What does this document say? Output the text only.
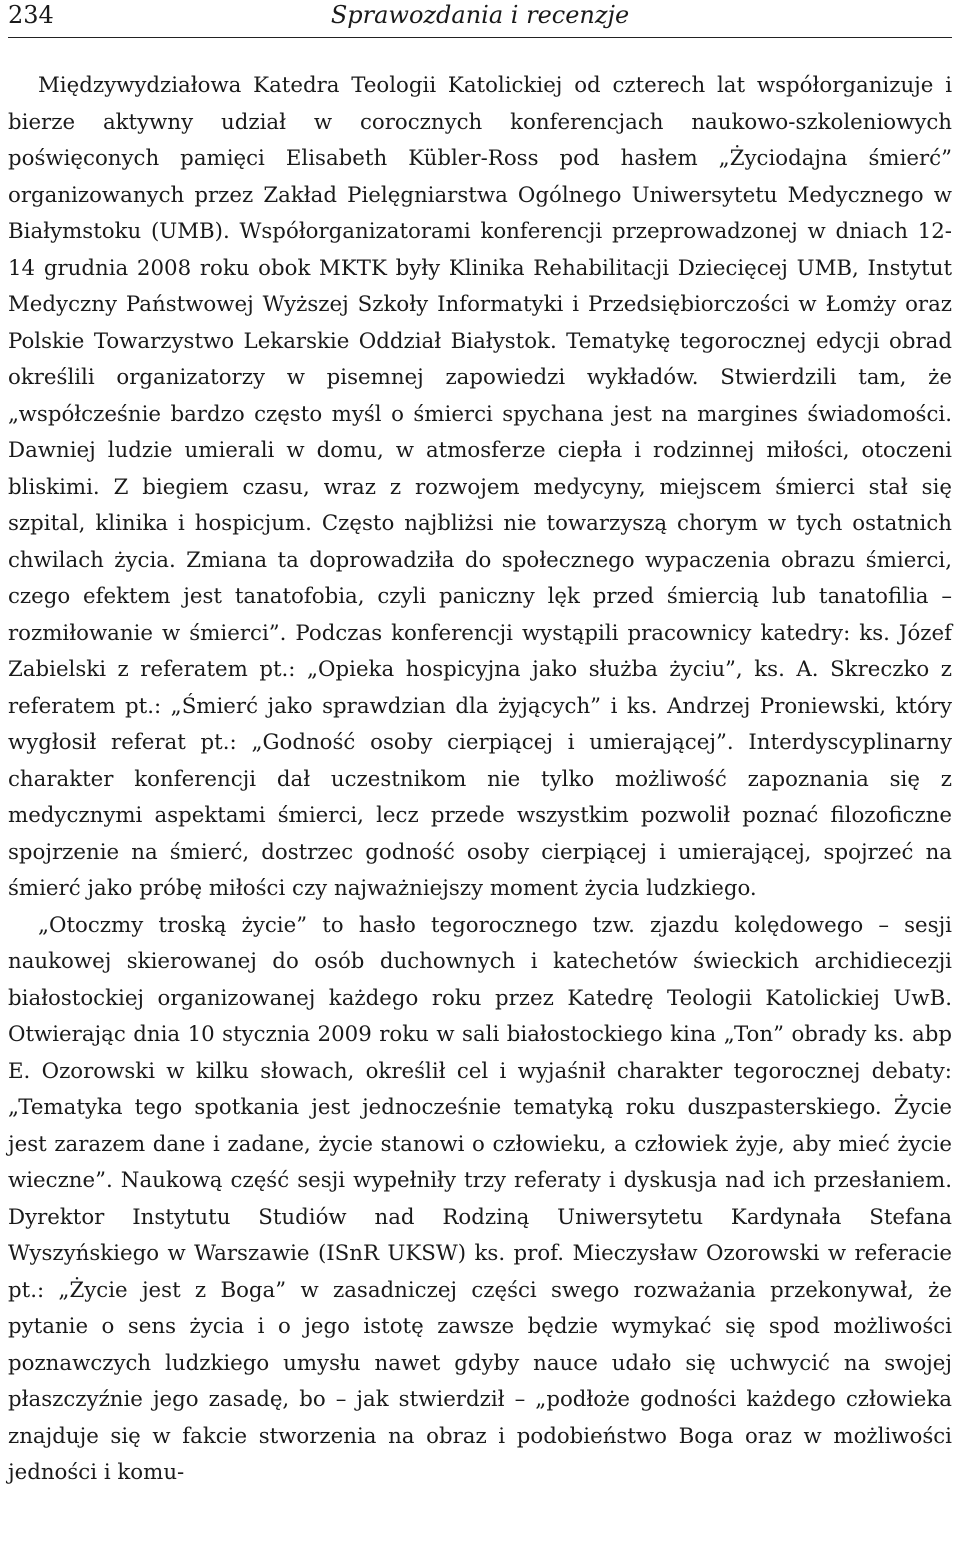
234	Sprawozdania i recenzje

Międzywydziałowa Katedra Teologii Katolickiej od czterech lat współorganizuje i bierze aktywny udział w corocznych konferencjach naukowo-szkoleniowych poświęconych pamięci Elisabeth Kübler-Ross pod hasłem „Życiodajna śmierć” organizowanych przez Zakład Pielęgniarstwa Ogólnego Uniwersytetu Medycznego w Białymstoku (UMB). Współorganizatorami konferencji przeprowadzonej w dniach 12-14 grudnia 2008 roku obok MKTK były Klinika Rehabilitacji Dziecięcej UMB, Instytut Medyczny Państwowej Wyższej Szkoły Informatyki i Przedsiębiorczości w Łomży oraz Polskie Towarzystwo Lekarskie Oddział Białystok. Tematykę tegorocznej edycji obrad określili organizatorzy w pisemnej zapowiedzi wykładów. Stwierdzili tam, że „współcześnie bardzo często myśl o śmierci spychana jest na margines świadomości. Dawniej ludzie umierali w domu, w atmosferze ciepła i rodzinnej miłości, otoczeni bliskimi. Z biegiem czasu, wraz z rozwojem medycyny, miejscem śmierci stał się szpital, klinika i hospicjum. Często najbliżsi nie towarzyszą chorym w tych ostatnich chwilach życia. Zmiana ta doprowadziła do społecznego wypaczenia obrazu śmierci, czego efektem jest tanatofobia, czyli paniczny lęk przed śmiercią lub tanatofilia – rozmiłowanie w śmierci”. Podczas konferencji wystąpili pracownicy katedry: ks. Józef Zabielski z referatem pt.: „Opieka hospicyjna jako służba życiu”, ks. A. Skreczko z referatem pt.: „Śmierć jako sprawdzian dla żyjących” i ks. Andrzej Proniewski, który wygłosił referat pt.: „Godność osoby cierpiącej i umierającej”. Interdyscyplinarny charakter konferencji dał uczestnikom nie tylko możliwość zapoznania się z medycznymi aspektami śmierci, lecz przede wszystkim pozwolił poznać filozoficzne spojrzenie na śmierć, dostrzec godność osoby cierpiącej i umierającej, spojrzeć na śmierć jako próbę miłości czy najważniejszy moment życia ludzkiego.

„Otoczmy troską życie” to hasło tegorocznego tzw. zjazdu kolędowego – sesji naukowej skierowanej do osób duchownych i katechetów świeckich archidiecezji białostockiej organizowanej każdego roku przez Katedrę Teologii Katolickiej UwB. Otwierając dnia 10 stycznia 2009 roku w sali białostockiego kina „Ton” obrady ks. abp E. Ozorowski w kilku słowach, określił cel i wyjaśnił charakter tegorocznej debaty: „Tematyka tego spotkania jest jednocześnie tematyką roku duszpasterskiego. Życie jest zarazem dane i zadane, życie stanowi o człowieku, a człowiek żyje, aby mieć życie wieczne”. Naukową część sesji wypełniły trzy referaty i dyskusja nad ich przesłaniem. Dyrektor Instytutu Studiów nad Rodziną Uniwersytetu Kardynała Stefana Wyszyńskiego w Warszawie (ISnR UKSW) ks. prof. Mieczysław Ozorowski w referacie pt.: „Życie jest z Boga” w zasadniczej części swego rozważania przekonywał, że pytanie o sens życia i o jego istotę zawsze będzie wymykać się spod możliwości poznawczych ludzkiego umysłu nawet gdyby nauce udało się uchwycić na swojej płaszczyźnie jego zasadę, bo – jak stwierdził – „podłoże godności każdego człowieka znajduje się w fakcie stworzenia na obraz i podobieństwo Boga oraz w możliwości jedności i komu-
